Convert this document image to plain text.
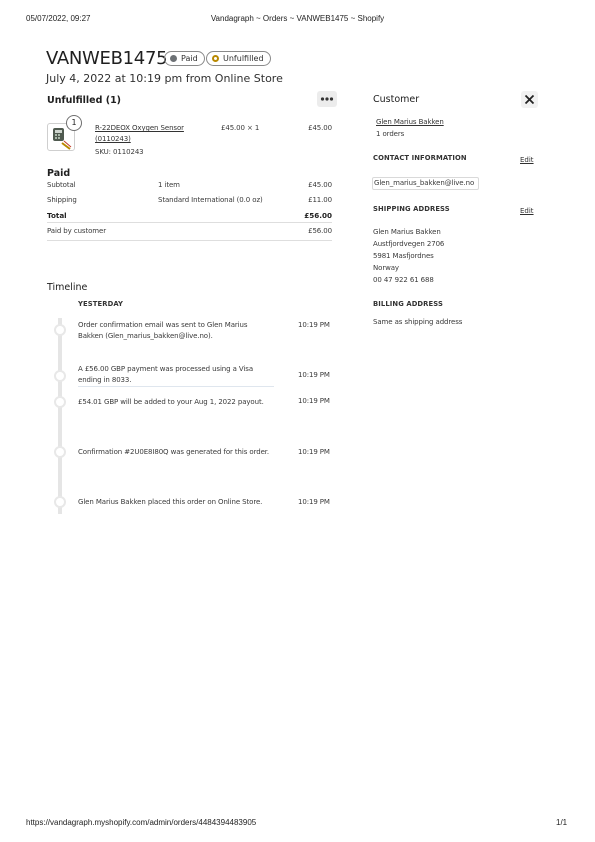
05/07/2022, 09:27	Vandagraph ~ Orders ~ VANWEB1475 ~ Shopify
https://vandagraph.myshopify.com/admin/orders/4484394483905	1/1
VANWEB1475	Paid	Unfulfilled
July 4, 2022 at 10:19 pm from Online Store
Unfulfilled (1)
1
R-22DEOX Oxygen Sensor (0110243)
SKU: 0110243
£45.00 × 1	£45.00
Paid
Subtotal	1 item	£45.00
Shipping	Standard International (0.0 oz)	£11.00
Total	£56.00
Paid by customer	£56.00
Timeline
YESTERDAY
Order confirmation email was sent to Glen Marius Bakken (Glen_marius_bakken@live.no).
10:19 PM
A £56.00 GBP payment was processed using a Visa ending in 8033.
10:19 PM
£54.01 GBP will be added to your Aug 1, 2022 payout.	10:19 PM
Confirmation #2U0E8I80Q was generated for this order.	10:19 PM
Glen Marius Bakken placed this order on Online Store.	10:19 PM
Customer
Glen Marius Bakken
1 orders
CONTACT INFORMATION	Edit
Glen_marius_bakken@live.no
SHIPPING ADDRESS	Edit
Glen Marius Bakken
Austfjordvegen 2706
5981 Masfjordnes
Norway
00 47 922 61 688
BILLING ADDRESS
Same as shipping address
